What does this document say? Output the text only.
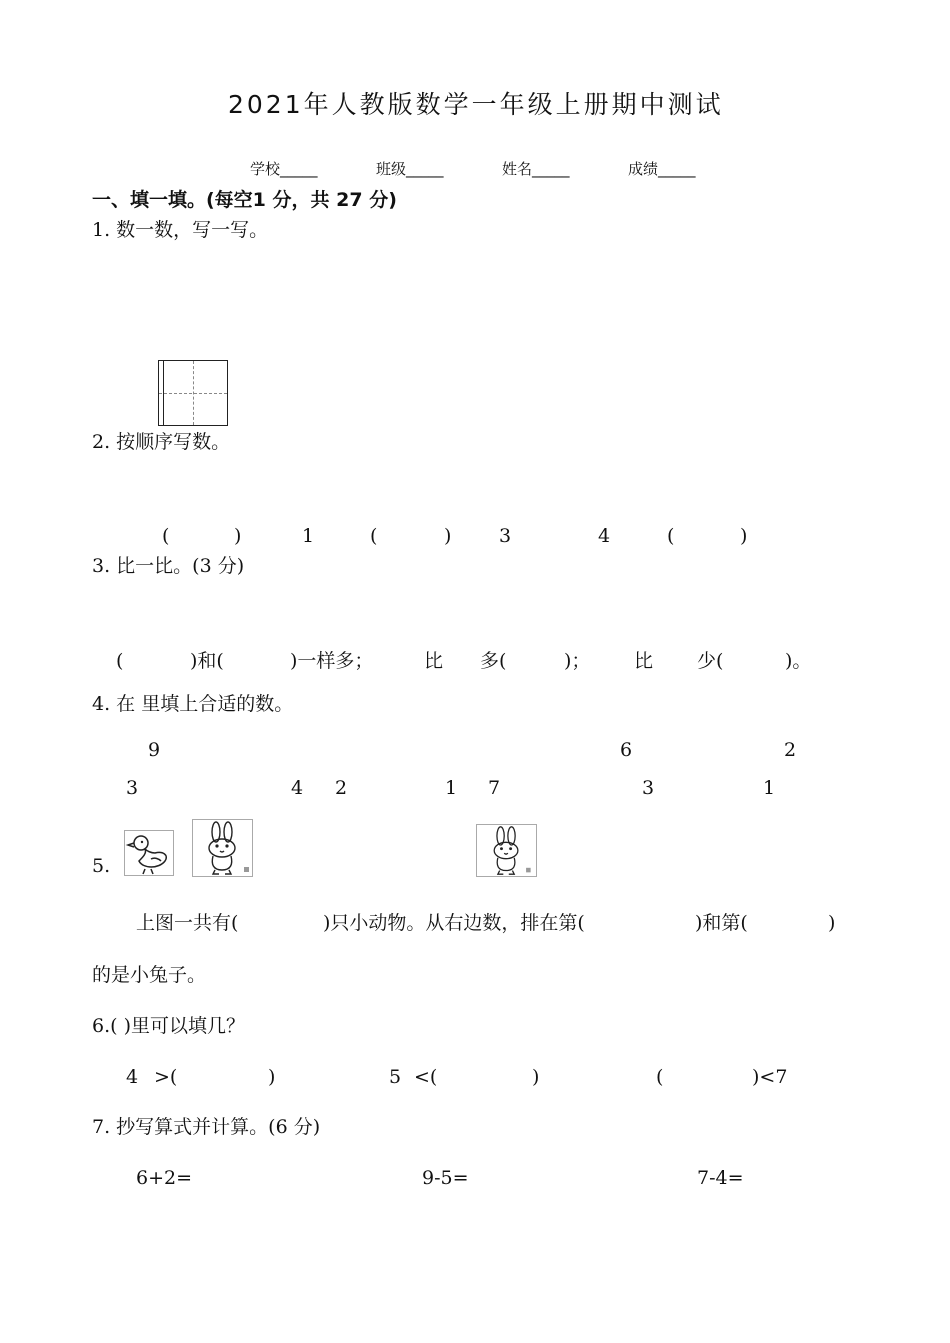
2021年人教版数学一年级上册期中测试
学校_____	班级_____	姓名_____	成绩_____
一、填一填。(每空1 分，共 27 分)
1. 数一数，写一写。
2. 按顺序写数。
(	)	1	(	)	3	4	(	)
3. 比一比。(3 分)
(	)和(	)一样多；	比 多(	)； 比 少(	)。
4. 在 里填上合适的数。
9	6	2
3	4 2	1 7	3	1
5.
上图一共有(	)只小动物。从右边数，排在第(	)和第(	)
的是小兔子。
6.( )里可以填几？
4 >(	)	5 <(	)	(	)<7
7. 抄写算式并计算。(6 分)
6+2=	9-5=	7-4=
